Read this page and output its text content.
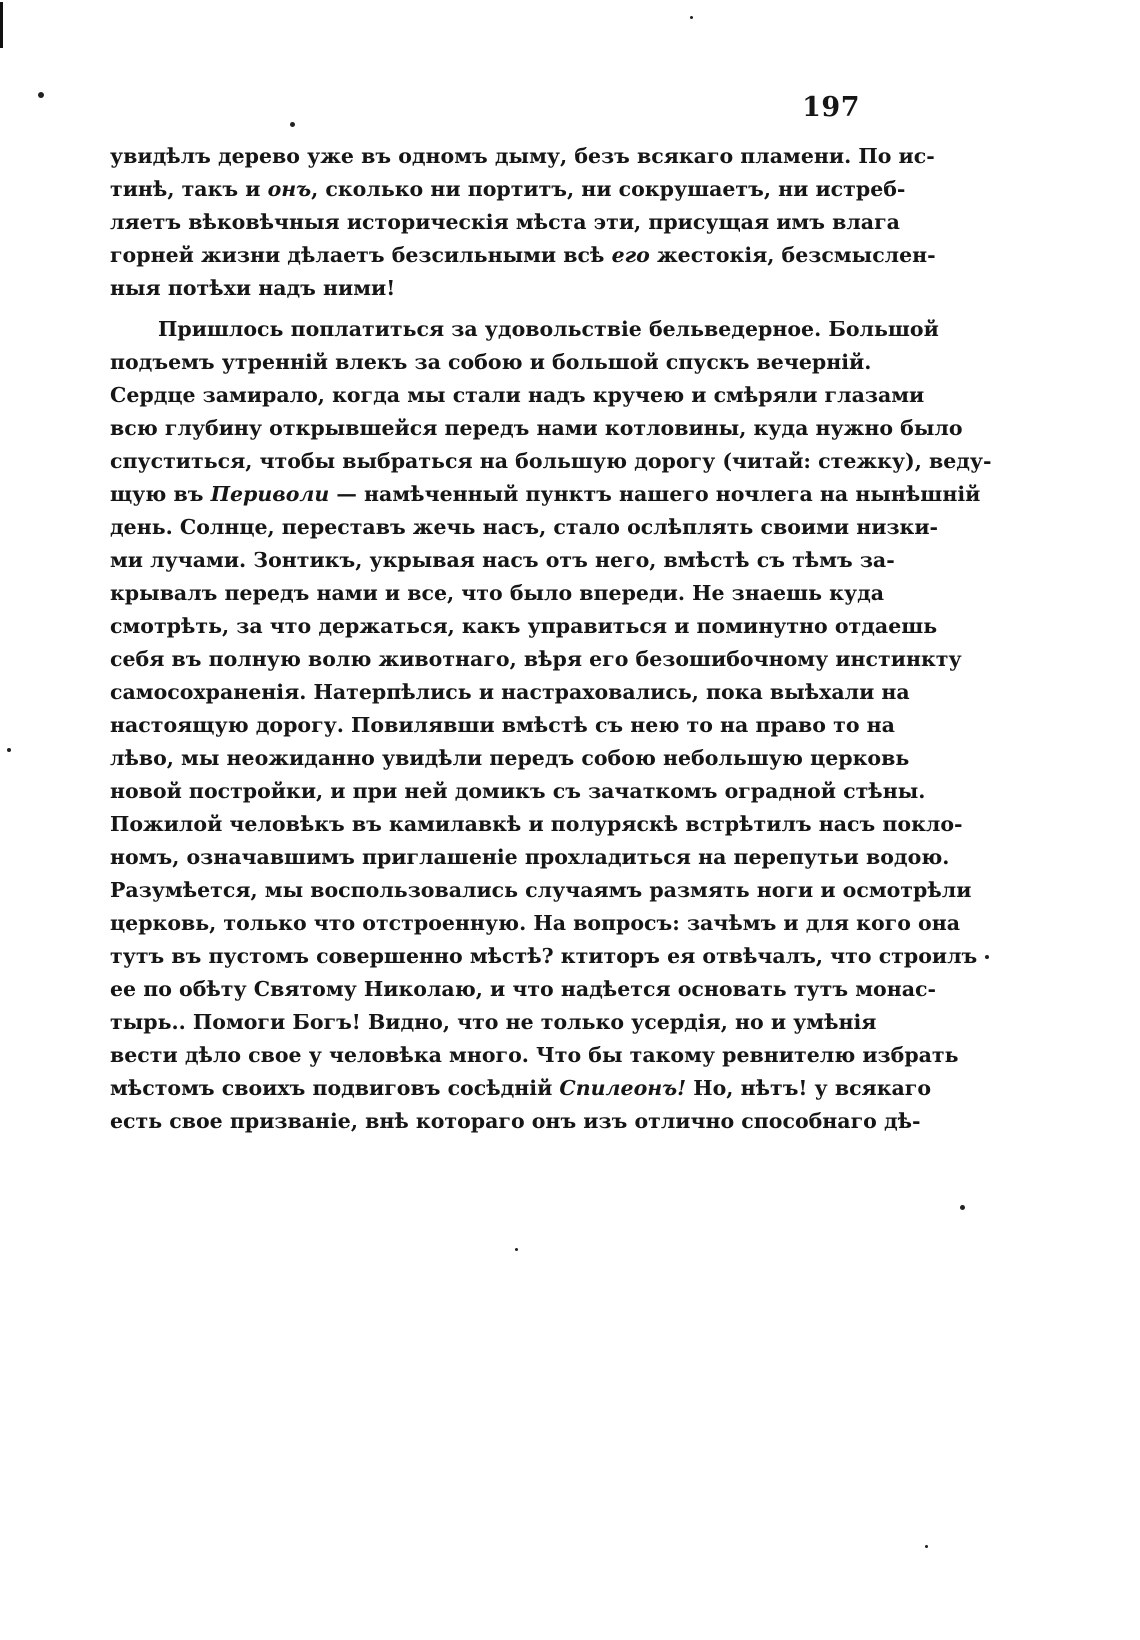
197
увидѣлъ дерево уже въ одномъ дыму, безъ всякаго пламени. По ис-
тинѣ, такъ и онъ, сколько ни портитъ, ни сокрушаетъ, ни истреб-
ляетъ вѣковѣчныя историческія мѣста эти, присущая имъ влага
горней жизни дѣлаетъ безсильными всѣ его жестокія, безсмыслен-
ныя потѣхи надъ ними!
Пришлось поплатиться за удовольствіе бельведерное. Большой
подъемъ утренній влекъ за собою и большой спускъ вечерній.
Сердце замирало, когда мы стали надъ кручею и смѣряли глазами
всю глубину открывшейся передъ нами котловины, куда нужно было
спуститься, чтобы выбраться на большую дорогу (читай: стежку), веду-
щую въ Периволи — намѣченный пунктъ нашего ночлега на нынѣшній
день. Солнце, переставъ жечь насъ, стало ослѣплять своими низки-
ми лучами. Зонтикъ, укрывая насъ отъ него, вмѣстѣ съ тѣмъ за-
крывалъ передъ нами и все, что было впереди. Не знаешь куда
смотрѣть, за что держаться, какъ управиться и поминутно отдаешь
себя въ полную волю животнаго, вѣря его безошибочному инстинкту
самосохраненія. Натерпѣлись и настраховались, пока выѣхали на
настоящую дорогу. Повилявши вмѣстѣ съ нею то на право то на
лѣво, мы неожиданно увидѣли передъ собою небольшую церковь
новой постройки, и при ней домикъ съ зачаткомъ оградной стѣны.
Пожилой человѣкъ въ камилавкѣ и полуряскѣ встрѣтилъ насъ покло-
номъ, означавшимъ приглашеніе прохладиться на перепутьи водою.
Разумѣется, мы воспользовались случаямъ размять ноги и осмотрѣли
церковь, только что отстроенную. На вопросъ: зачѣмъ и для кого она
тутъ въ пустомъ совершенно мѣстѣ? ктиторъ ея отвѣчалъ, что строилъ
ее по обѣту Святому Николаю, и что надѣется основать тутъ монас-
тырь.. Помоги Богъ! Видно, что не только усердія, но и умѣнія
вести дѣло свое у человѣка много. Что бы такому ревнителю избрать
мѣстомъ своихъ подвиговъ сосѣдній Спилеонъ! Но, нѣтъ! у всякаго
есть свое призваніе, внѣ котораго онъ изъ отлично способнаго дѣ-
